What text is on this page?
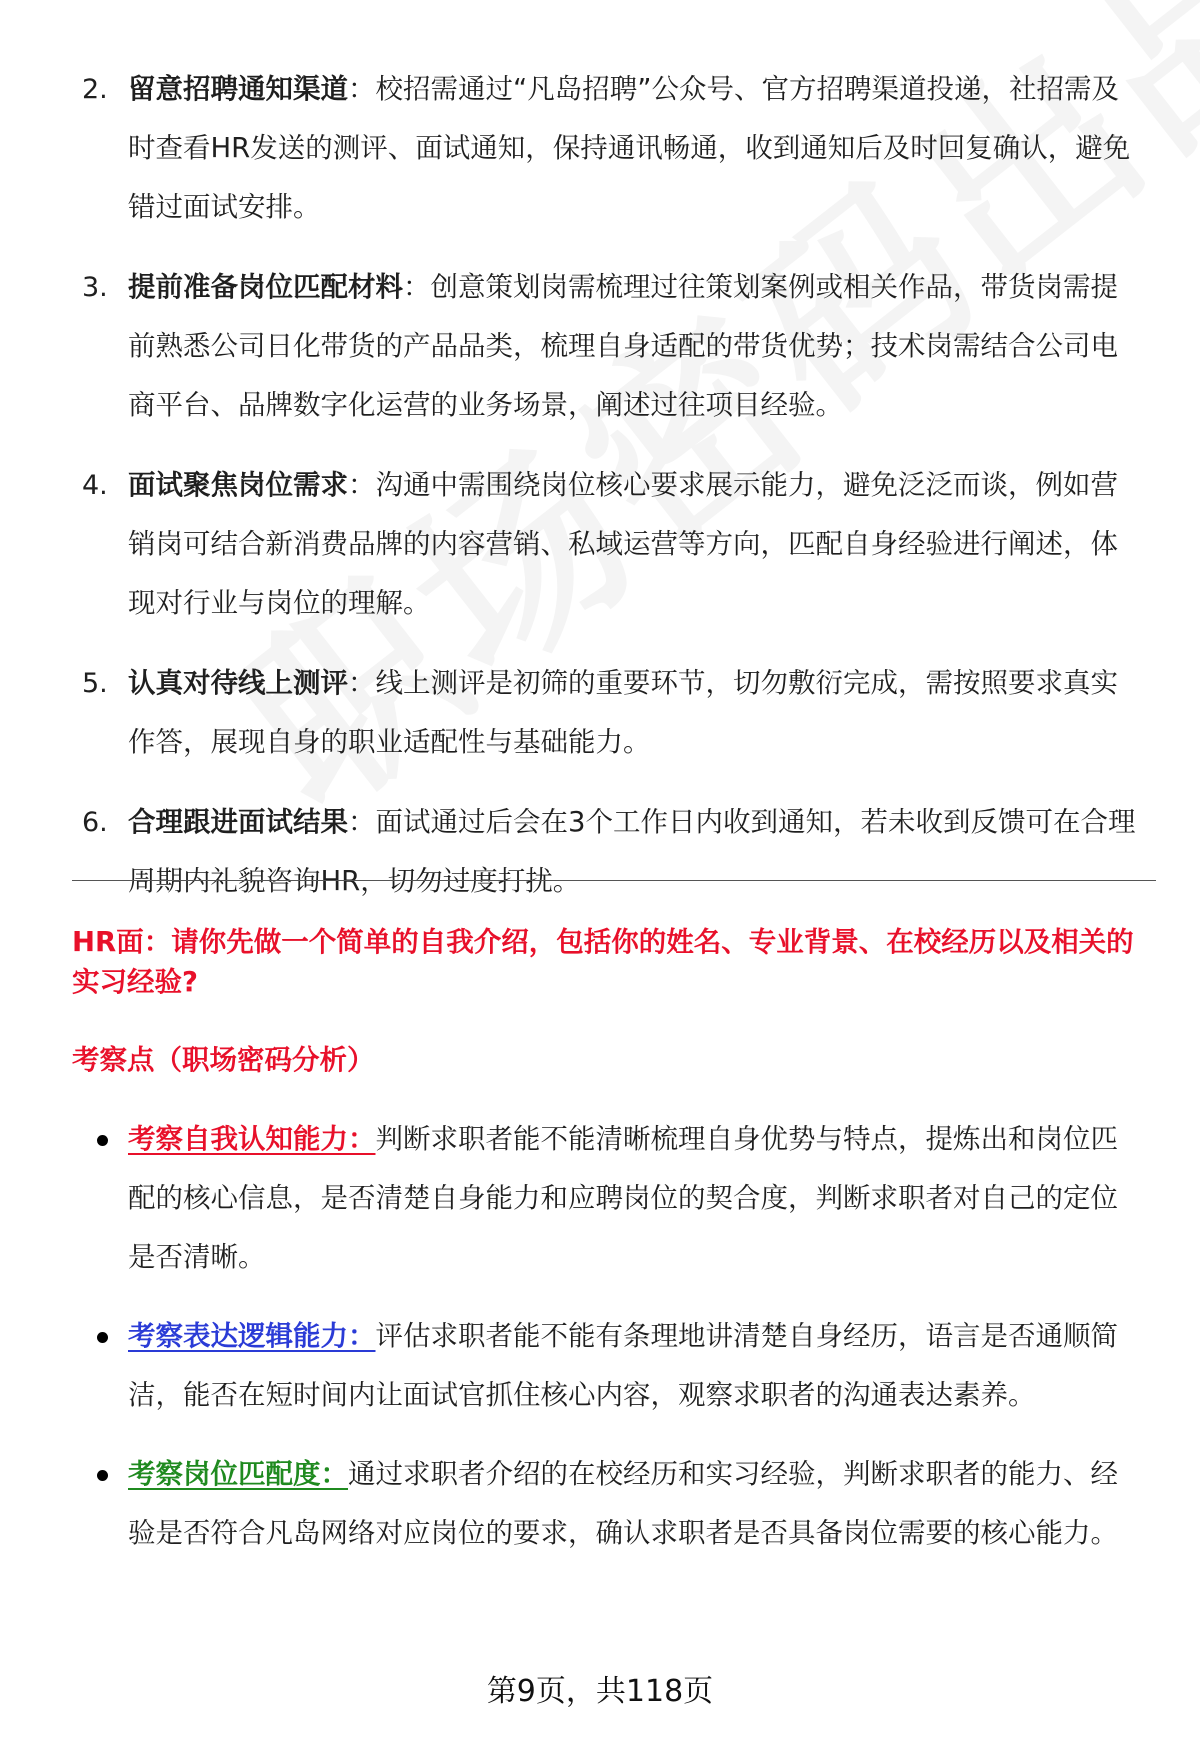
2. 留意招聘通知渠道：校招需通过“凡岛招聘”公众号、官方招聘渠道投递，社招需及时查看HR发送的测评、面试通知，保持通讯畅通，收到通知后及时回复确认，避免错过面试安排。
3. 提前准备岗位匹配材料：创意策划岗需梳理过往策划案例或相关作品，带货岗需提前熟悉公司日化带货的产品品类，梳理自身适配的带货优势；技术岗需结合公司电商平台、品牌数字化运营的业务场景，阐述过往项目经验。
4. 面试聚焦岗位需求：沟通中需围绕岗位核心要求展示能力，避免泛泛而谈，例如营销岗可结合新消费品牌的内容营销、私域运营等方向，匹配自身经验进行阐述，体现对行业与岗位的理解。
5. 认真对待线上测评：线上测评是初筛的重要环节，切勿敷衍完成，需按照要求真实作答，展现自身的职业适配性与基础能力。
6. 合理跟进面试结果：面试通过后会在3个工作日内收到通知，若未收到反馈可在合理周期内礼貌咨询HR，切勿过度打扰。
HR面：请你先做一个简单的自我介绍，包括你的姓名、专业背景、在校经历以及相关的实习经验?
考察点（职场密码分析）
考察自我认知能力：判断求职者能不能清晰梳理自身优势与特点，提炼出和岗位匹配的核心信息，是否清楚自身能力和应聘岗位的契合度，判断求职者对自己的定位是否清晰。
考察表达逻辑能力：评估求职者能不能有条理地讲清楚自身经历，语言是否通顺简洁，能否在短时间内让面试官抓住核心内容，观察求职者的沟通表达素养。
考察岗位匹配度：通过求职者介绍的在校经历和实习经验，判断求职者的能力、经验是否符合凡岛网络对应岗位的要求，确认求职者是否具备岗位需要的核心能力。
第9页，共118页
